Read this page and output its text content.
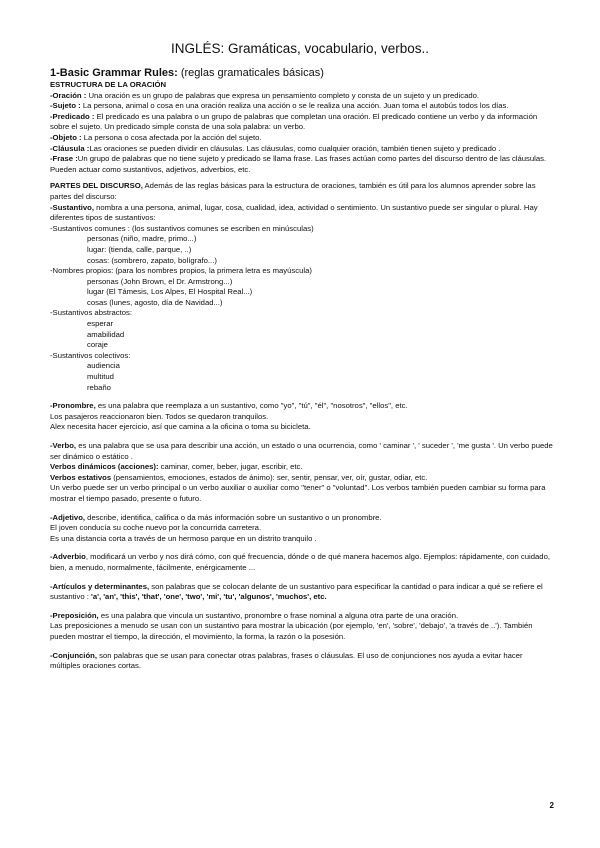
INGLÉS: Gramáticas, vocabulario, verbos..

1-Basic Grammar Rules: (reglas gramaticales básicas)

ESTRUCTURA DE LA ORACIÓN

-Oración : Una oración es un grupo de palabras que expresa un pensamiento completo y consta de un sujeto y un predicado.

-Sujeto : La persona, animal o cosa en una oración realiza una acción o se le realiza una acción. Juan toma el autobús todos los días.

-Predicado : El predicado es una palabra o un grupo de palabras que completan una oración. El predicado contiene un verbo y da información sobre el sujeto. Un predicado simple consta de una sola palabra: un verbo.

-Objeto : La persona o cosa afectada por la acción del sujeto.

-Cláusula :Las oraciones se pueden dividir en cláusulas. Las cláusulas, como cualquier oración, también tienen sujeto y predicado .

-Frase :Un grupo de palabras que no tiene sujeto y predicado se llama frase. Las frases actúan como partes del discurso dentro de las cláusulas. Pueden actuar como sustantivos, adjetivos, adverbios, etc.

PARTES DEL DISCURSO, Además de las reglas básicas para la estructura de oraciones, también es útil para los alumnos aprender sobre las partes del discurso:

-Sustantivo, nombra a una persona, animal, lugar, cosa, cualidad, idea, actividad o sentimiento. Un sustantivo puede ser singular o plural. Hay diferentes tipos de sustantivos:

-Sustantivos comunes : (los sustantivos comunes se escriben en minúsculas)

personas (niño, madre, primo...)

lugar: (tienda, calle, parque, ..)

cosas: (sombrero, zapato, bolígrafo...)

-Nombres propios: (para los nombres propios, la primera letra es mayúscula)

personas (John Brown, el Dr. Armstrong...)

lugar (El Támesis, Los Alpes, El Hospital Real...)

cosas (lunes, agosto, día de Navidad...)

-Sustantivos abstractos:

esperar

amabilidad

coraje

-Sustantivos colectivos:

audiencia

multitud

rebaño

-Pronombre, es una palabra que reemplaza a un sustantivo, como "yo", "tú", "él", "nosotros", "ellos", etc.

Los pasajeros reaccionaron bien. Todos se quedaron tranquilos.

Alex necesita hacer ejercicio, así que camina a la oficina o toma su bicicleta.

-Verbo, es una palabra que se usa para describir una acción, un estado o una ocurrencia, como ' caminar ', ' suceder ', 'me gusta '. Un verbo puede ser dinámico o estático .

Verbos dinámicos (acciones): caminar, comer, beber, jugar, escribir, etc.

Verbos estativos (pensamientos, emociones, estados de ánimo): ser, sentir, pensar, ver, oír, gustar, odiar, etc.

Un verbo puede ser un verbo principal o un verbo auxiliar o auxiliar como "tener" o "voluntad". Los verbos también pueden cambiar su forma para mostrar el tiempo pasado, presente o futuro.

-Adjetivo, describe, identifica, califica o da más información sobre un sustantivo o un pronombre.

El joven conducía su coche nuevo por la concurrida carretera.

Es una distancia corta a través de un hermoso parque en un distrito tranquilo .

-Adverbio, modificará un verbo y nos dirá cómo, con qué frecuencia, dónde o de qué manera hacemos algo. Ejemplos: rápidamente, con cuidado, bien, a menudo, normalmente, fácilmente, enérgicamente ...

-Artículos y determinantes, son palabras que se colocan delante de un sustantivo para especificar la cantidad o para indicar a qué se refiere el sustantivo : 'a', 'an', 'this', 'that', 'one', 'two', 'mi', 'tu', 'algunos', 'muchos', etc.

-Preposición, es una palabra que vincula un sustantivo, pronombre o frase nominal a alguna otra parte de una oración.

Las preposiciones a menudo se usan con un sustantivo para mostrar la ubicación (por ejemplo, 'en', 'sobre', 'debajo', 'a través de ..'). También pueden mostrar el tiempo, la dirección, el movimiento, la forma, la razón o la posesión.

-Conjunción, son palabras que se usan para conectar otras palabras, frases o cláusulas. El uso de conjunciones nos ayuda a evitar hacer múltiples oraciones cortas.

2
